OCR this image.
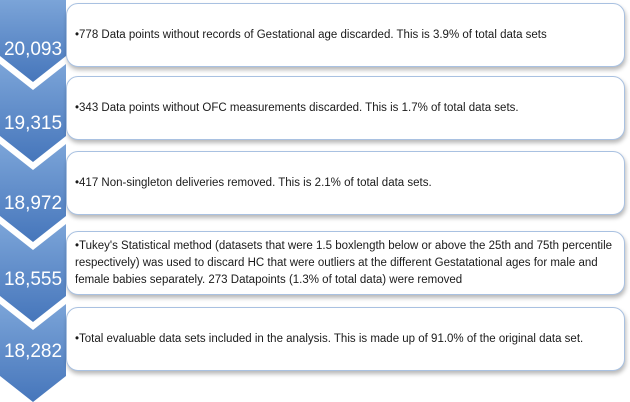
20,093
19,315
18,972
18,555
18,282
•778 Data points without records of Gestational age discarded. This is 3.9% of total data sets
•343 Data points without OFC measurements discarded. This is 1.7% of total data sets.
•417 Non-singleton deliveries removed. This is 2.1% of total data sets.
•Tukey's Statistical method (datasets that were 1.5 boxlength below or above the 25th and 75th percentile respectively) was used to discard HC that were outliers at the different Gestatational ages for male and female babies separately. 273 Datapoints (1.3% of total data) were removed
•Total evaluable data sets included in the analysis. This is made up of 91.0% of the original data set.
